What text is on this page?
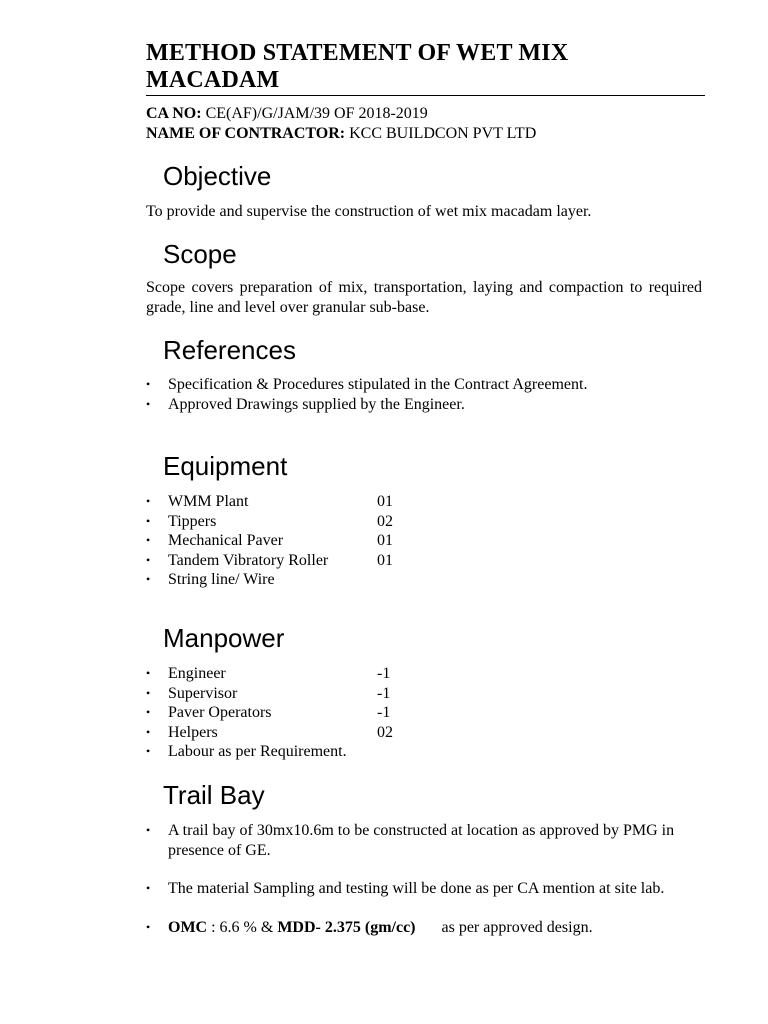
METHOD STATEMENT OF WET MIX MACADAM
CA NO: CE(AF)/G/JAM/39 OF 2018-2019
NAME OF CONTRACTOR: KCC BUILDCON PVT LTD
Objective
To provide and supervise the construction of wet mix macadam layer.
Scope
Scope covers preparation of mix, transportation, laying and compaction to required grade, line and level over granular sub-base.
References
• Specification & Procedures stipulated in the Contract Agreement.
• Approved Drawings supplied by the Engineer.
Equipment
• WMM Plant	01
• Tippers	02
• Mechanical Paver	01
• Tandem Vibratory Roller	01
• String line/ Wire
Manpower
• Engineer	-1
• Supervisor	-1
• Paver Operators	-1
• Helpers	02
• Labour as per Requirement.
Trail Bay
• A trail bay of 30mx10.6m to be constructed at location as approved by PMG in presence of GE.
• The material Sampling and testing will be done as per CA mention at site lab.
• OMC : 6.6 % & MDD- 2.375 (gm/cc) as per approved design.
